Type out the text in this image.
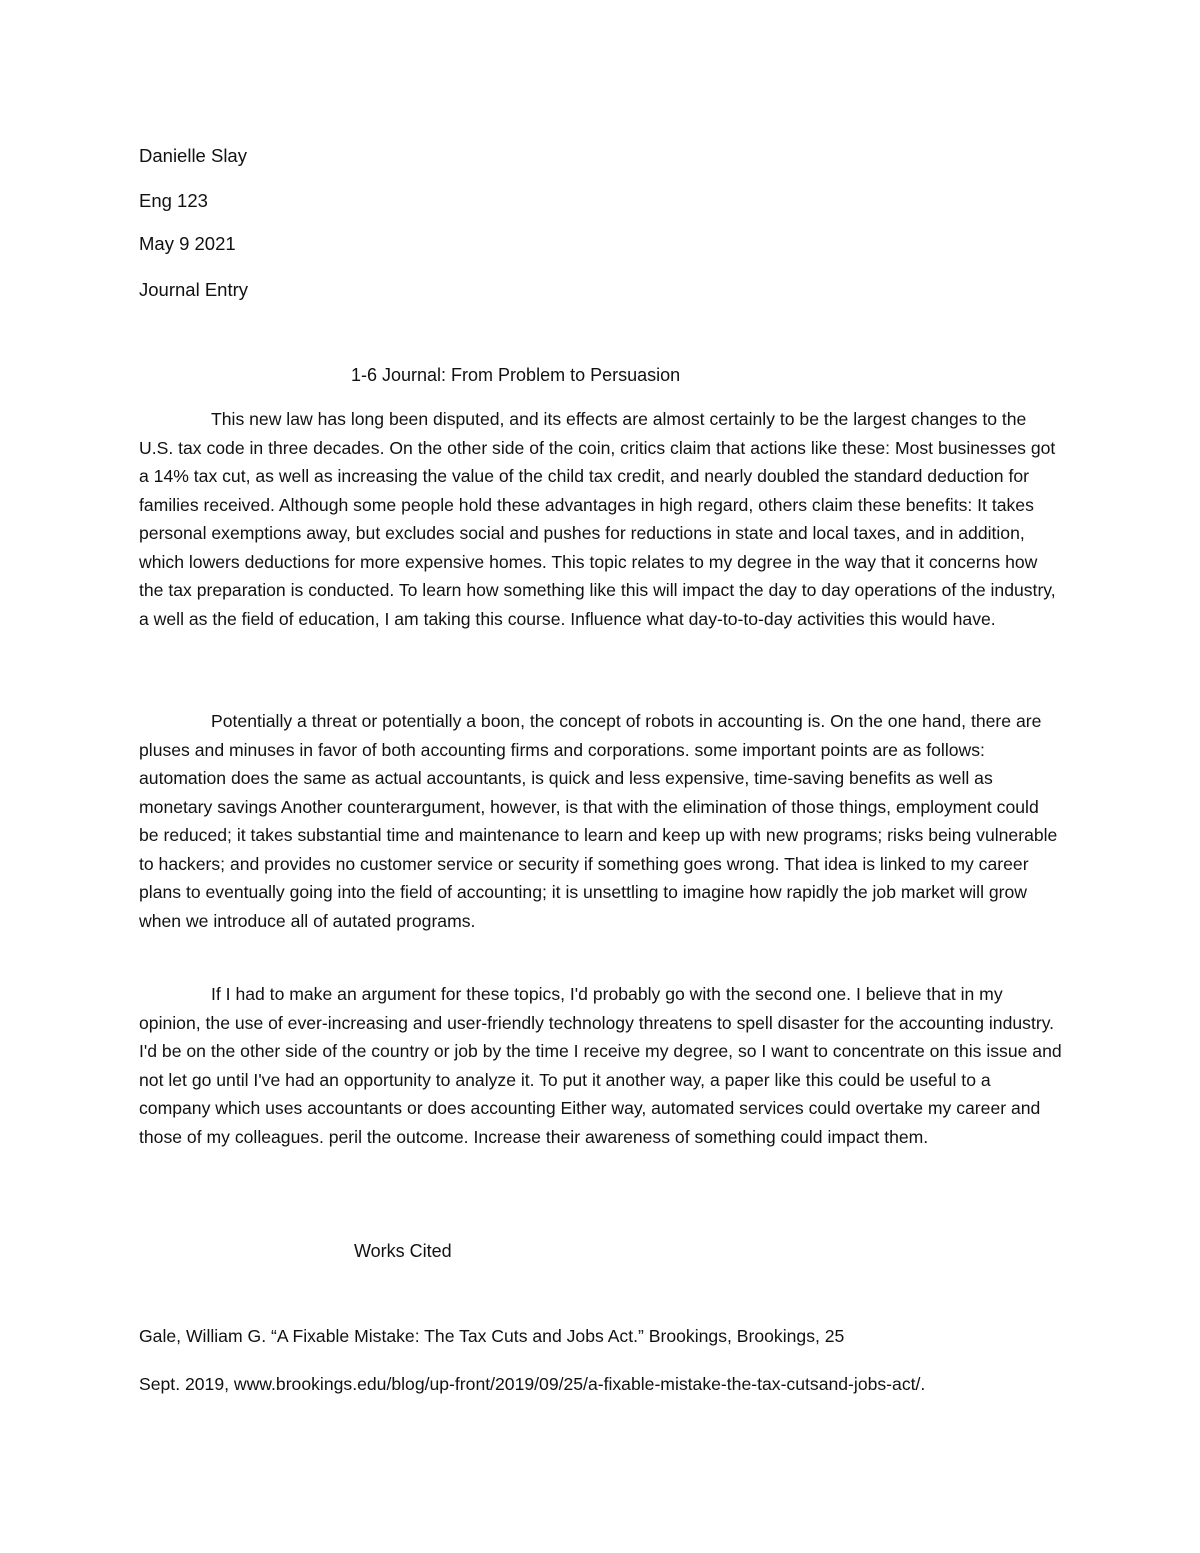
Danielle Slay
Eng 123
May 9 2021
Journal Entry
1-6 Journal: From Problem to Persuasion

This new law has long been disputed, and its effects are almost certainly to be the largest changes to the U.S. tax code in three decades. On the other side of the coin, critics claim that actions like these: Most businesses got a 14% tax cut, as well as increasing the value of the child tax credit, and nearly doubled the standard deduction for families received. Although some people hold these advantages in high regard, others claim these benefits: It takes personal exemptions away, but excludes social and pushes for reductions in state and local taxes, and in addition, which lowers deductions for more expensive homes. This topic relates to my degree in the way that it concerns how the tax preparation is conducted. To learn how something like this will impact the day to day operations of the industry, a well as the field of education, I am taking this course. Influence what day-to-to-day activities this would have.

Potentially a threat or potentially a boon, the concept of robots in accounting is. On the one hand, there are pluses and minuses in favor of both accounting firms and corporations. some important points are as follows: automation does the same as actual accountants, is quick and less expensive, time-saving benefits as well as monetary savings Another counterargument, however, is that with the elimination of those things, employment could be reduced; it takes substantial time and maintenance to learn and keep up with new programs; risks being vulnerable to hackers; and provides no customer service or security if something goes wrong. That idea is linked to my career plans to eventually going into the field of accounting; it is unsettling to imagine how rapidly the job market will grow when we introduce all of autated programs.

If I had to make an argument for these topics, I'd probably go with the second one. I believe that in my opinion, the use of ever-increasing and user-friendly technology threatens to spell disaster for the accounting industry. I'd be on the other side of the country or job by the time I receive my degree, so I want to concentrate on this issue and not let go until I've had an opportunity to analyze it. To put it another way, a paper like this could be useful to a company which uses accountants or does accounting Either way, automated services could overtake my career and those of my colleagues. peril the outcome. Increase their awareness of something could impact them.

Works Cited
Gale, William G. “A Fixable Mistake: The Tax Cuts and Jobs Act.” Brookings, Brookings, 25
Sept. 2019, www.brookings.edu/blog/up-front/2019/09/25/a-fixable-mistake-the-tax-cutsand-jobs-act/.
